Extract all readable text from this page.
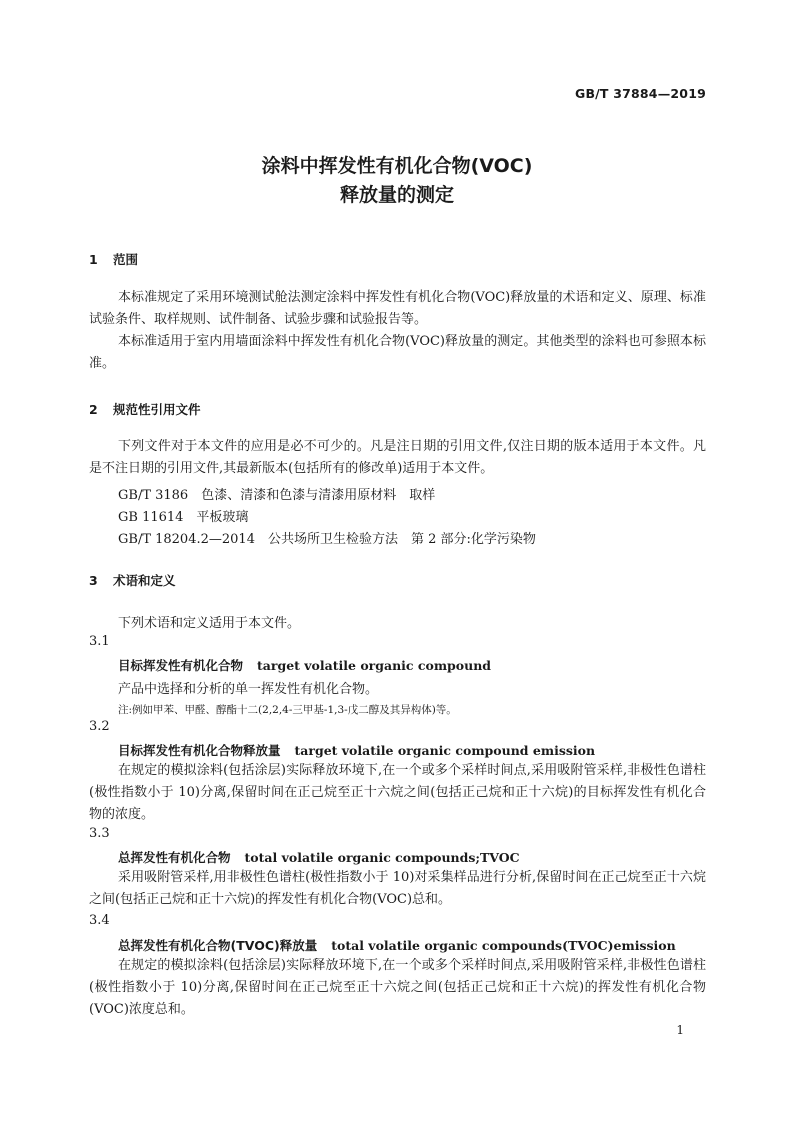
GB/T 37884—2019
涂料中挥发性有机化合物(VOC)
释放量的测定
1 范围
本标准规定了采用环境测试舱法测定涂料中挥发性有机化合物(VOC)释放量的术语和定义、原理、标准试验条件、取样规则、试件制备、试验步骤和试验报告等。
本标准适用于室内用墙面涂料中挥发性有机化合物(VOC)释放量的测定。其他类型的涂料也可参照本标准。
2 规范性引用文件
下列文件对于本文件的应用是必不可少的。凡是注日期的引用文件,仅注日期的版本适用于本文件。凡是不注日期的引用文件,其最新版本(包括所有的修改单)适用于本文件。
GB/T 3186　色漆、清漆和色漆与清漆用原材料　取样
GB 11614　平板玻璃
GB/T 18204.2—2014　公共场所卫生检验方法　第 2 部分:化学污染物
3 术语和定义
下列术语和定义适用于本文件。
3.1
目标挥发性有机化合物 target volatile organic compound
产品中选择和分析的单一挥发性有机化合物。
注:例如甲苯、甲醛、醇酯十二(2,2,4-三甲基-1,3-戊二醇及其异构体)等。
3.2
目标挥发性有机化合物释放量 target volatile organic compound emission
在规定的模拟涂料(包括涂层)实际释放环境下,在一个或多个采样时间点,采用吸附管采样,非极性色谱柱(极性指数小于 10)分离,保留时间在正己烷至正十六烷之间(包括正己烷和正十六烷)的目标挥发性有机化合物的浓度。
3.3
总挥发性有机化合物 total volatile organic compounds;TVOC
采用吸附管采样,用非极性色谱柱(极性指数小于 10)对采集样品进行分析,保留时间在正己烷至正十六烷之间(包括正己烷和正十六烷)的挥发性有机化合物(VOC)总和。
3.4
总挥发性有机化合物(TVOC)释放量 total volatile organic compounds(TVOC)emission
在规定的模拟涂料(包括涂层)实际释放环境下,在一个或多个采样时间点,采用吸附管采样,非极性色谱柱(极性指数小于 10)分离,保留时间在正己烷至正十六烷之间(包括正己烷和正十六烷)的挥发性有机化合物(VOC)浓度总和。
1
